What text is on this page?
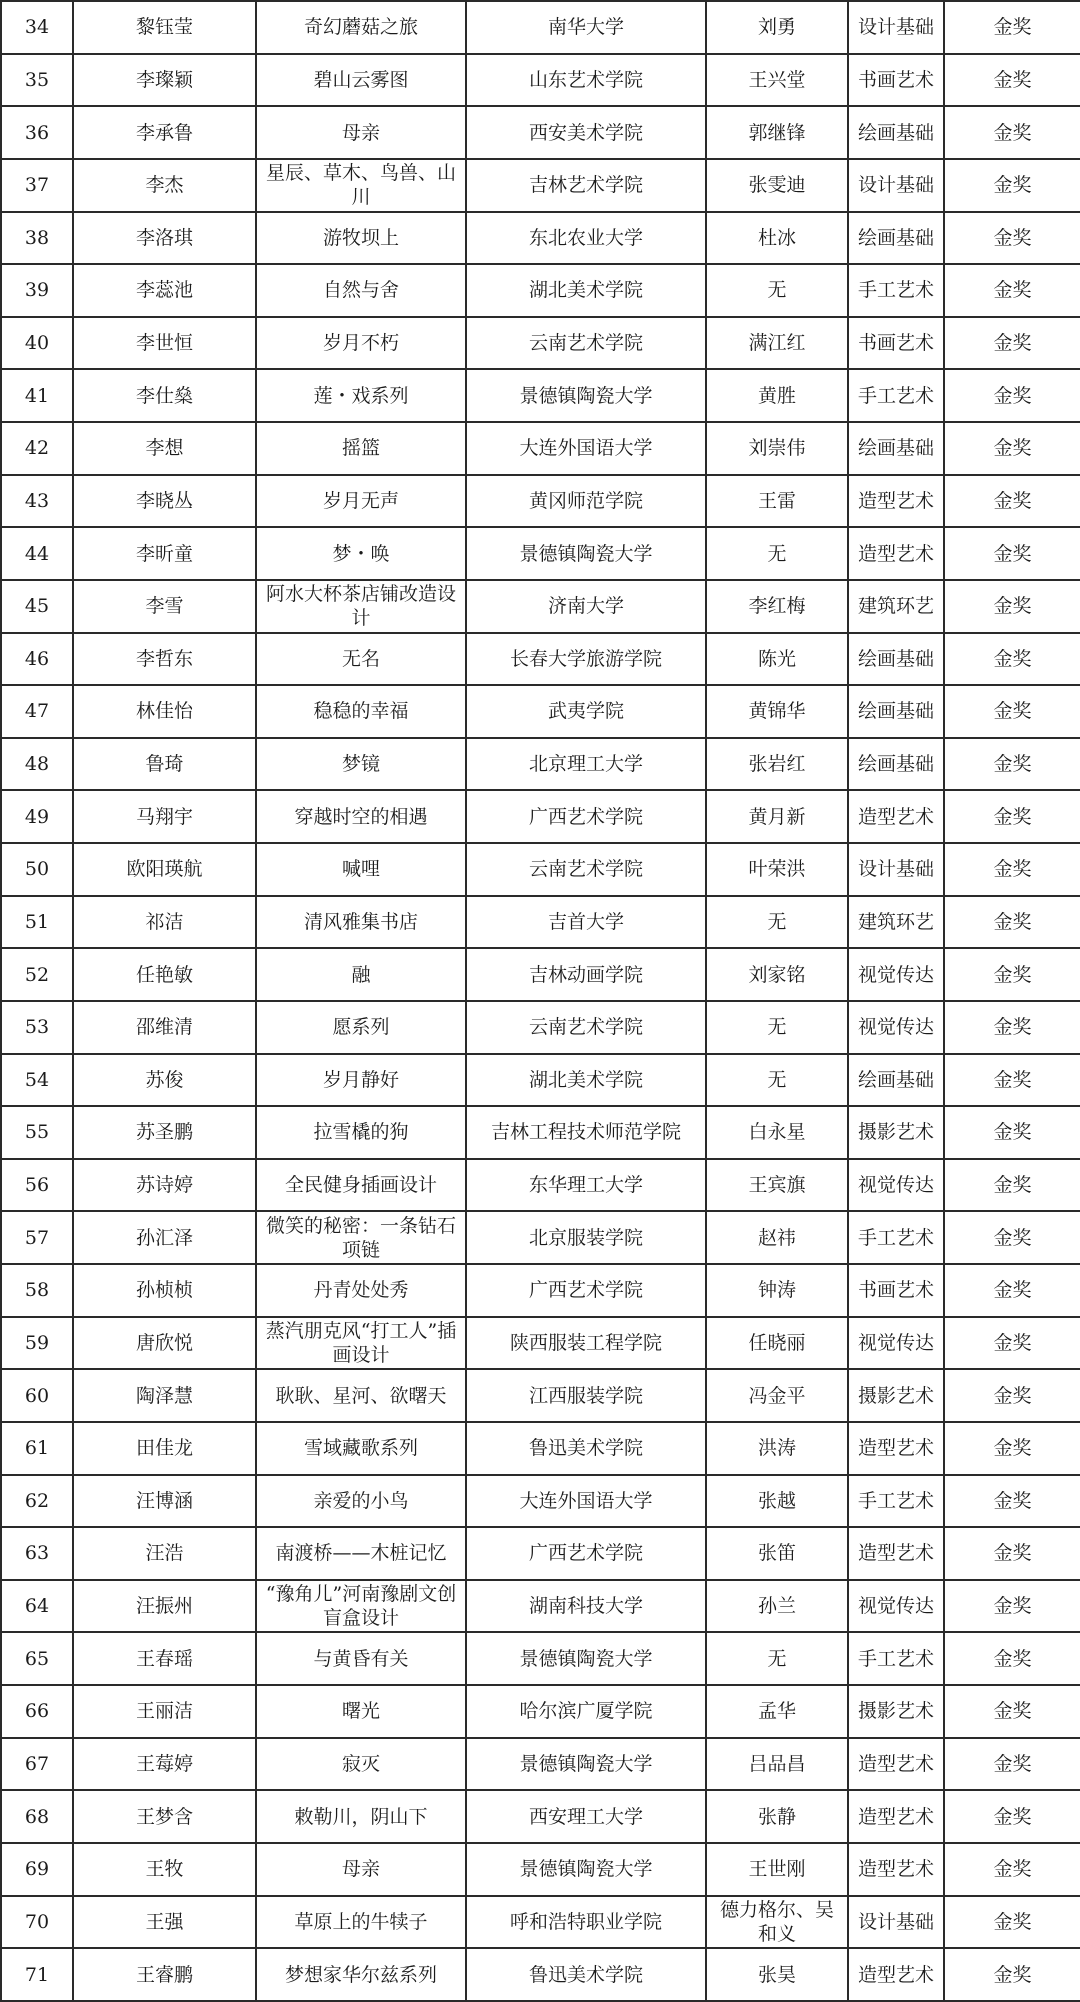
34	黎钰莹	奇幻蘑菇之旅	南华大学	刘勇	设计基础	金奖
35	李璨颖	碧山云雾图	山东艺术学院	王兴堂	书画艺术	金奖
36	李承鲁	母亲	西安美术学院	郭继锋	绘画基础	金奖
37	李杰	星辰、草木、鸟兽、山川	吉林艺术学院	张雯迪	设计基础	金奖
38	李洛琪	游牧坝上	东北农业大学	杜冰	绘画基础	金奖
39	李蕊池	自然与舍	湖北美术学院	无	手工艺术	金奖
40	李世恒	岁月不朽	云南艺术学院	满江红	书画艺术	金奖
41	李仕燊	莲・戏系列	景德镇陶瓷大学	黄胜	手工艺术	金奖
42	李想	摇篮	大连外国语大学	刘崇伟	绘画基础	金奖
43	李晓丛	岁月无声	黄冈师范学院	王雷	造型艺术	金奖
44	李昕童	梦・唤	景德镇陶瓷大学	无	造型艺术	金奖
45	李雪	阿水大杯茶店铺改造设计	济南大学	李红梅	建筑环艺	金奖
46	李哲东	无名	长春大学旅游学院	陈光	绘画基础	金奖
47	林佳怡	稳稳的幸福	武夷学院	黄锦华	绘画基础	金奖
48	鲁琦	梦镜	北京理工大学	张岩红	绘画基础	金奖
49	马翔宇	穿越时空的相遇	广西艺术学院	黄月新	造型艺术	金奖
50	欧阳瑛航	喊哩	云南艺术学院	叶荣洪	设计基础	金奖
51	祁洁	清风雅集书店	吉首大学	无	建筑环艺	金奖
52	任艳敏	融	吉林动画学院	刘家铭	视觉传达	金奖
53	邵维清	愿系列	云南艺术学院	无	视觉传达	金奖
54	苏俊	岁月静好	湖北美术学院	无	绘画基础	金奖
55	苏圣鹏	拉雪橇的狗	吉林工程技术师范学院	白永星	摄影艺术	金奖
56	苏诗婷	全民健身插画设计	东华理工大学	王宾旗	视觉传达	金奖
57	孙汇泽	微笑的秘密：一条钻石项链	北京服装学院	赵祎	手工艺术	金奖
58	孙桢桢	丹青处处秀	广西艺术学院	钟涛	书画艺术	金奖
59	唐欣悦	蒸汽朋克风“打工人”插画设计	陕西服装工程学院	任晓丽	视觉传达	金奖
60	陶泽慧	耿耿、星河、欲曙天	江西服装学院	冯金平	摄影艺术	金奖
61	田佳龙	雪域藏歌系列	鲁迅美术学院	洪涛	造型艺术	金奖
62	汪博涵	亲爱的小鸟	大连外国语大学	张越	手工艺术	金奖
63	汪浩	南渡桥——木桩记忆	广西艺术学院	张笛	造型艺术	金奖
64	汪振州	“豫角儿”河南豫剧文创盲盒设计	湖南科技大学	孙兰	视觉传达	金奖
65	王春瑶	与黄昏有关	景德镇陶瓷大学	无	手工艺术	金奖
66	王丽洁	曙光	哈尔滨广厦学院	孟华	摄影艺术	金奖
67	王莓婷	寂灭	景德镇陶瓷大学	吕品昌	造型艺术	金奖
68	王梦含	敕勒川，阴山下	西安理工大学	张静	造型艺术	金奖
69	王牧	母亲	景德镇陶瓷大学	王世刚	造型艺术	金奖
70	王强	草原上的牛犊子	呼和浩特职业学院	德力格尔、吴和义	设计基础	金奖
71	王睿鹏	梦想家华尔兹系列	鲁迅美术学院	张昊	造型艺术	金奖
